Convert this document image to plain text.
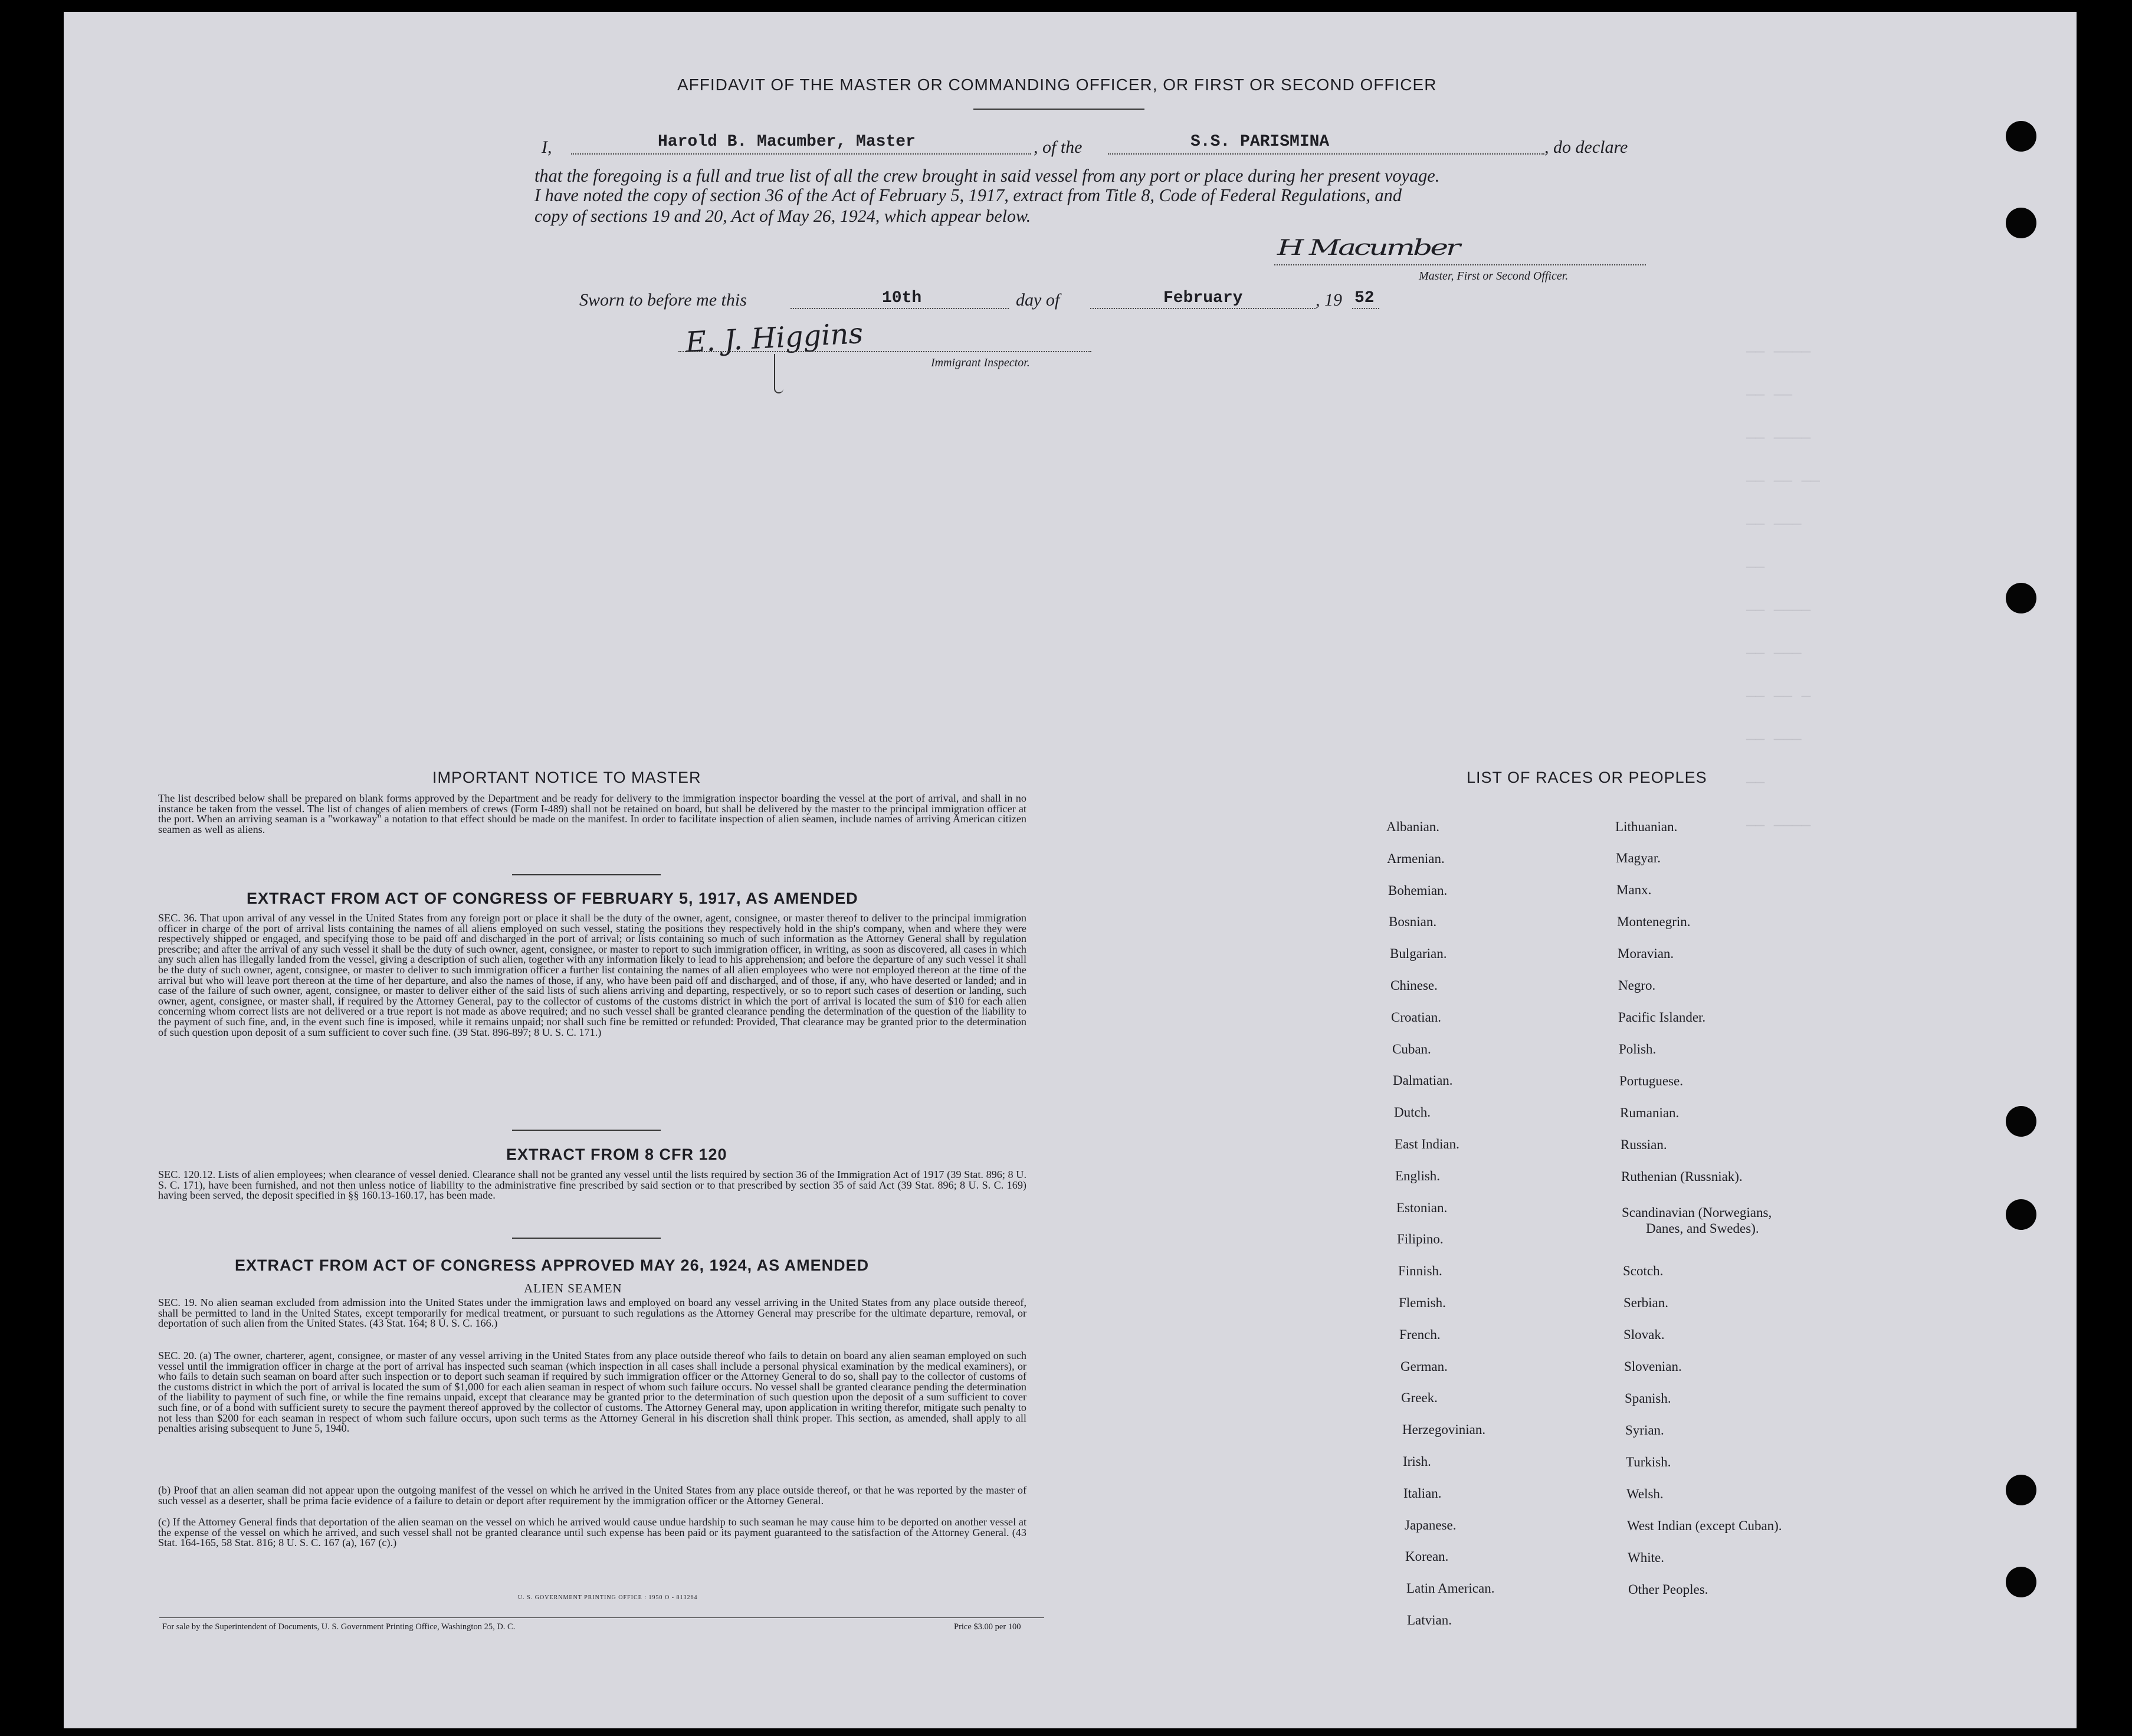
—— ————
—— ——
—— ————
—— —— ——
—— ———
——
—— ————
—— ———
—— —— —
—— ———
——
—— ————
AFFIDAVIT OF THE MASTER OR COMMANDING OFFICER, OR FIRST OR SECOND OFFICER
I,	Harold B. Macumber, Master	, of the	S.S. PARISMINA	, do declare
that the foregoing is a full and true list of all the crew brought in said vessel from any port or place during her present voyage.
I have noted the copy of section 36 of the Act of February 5, 1917, extract from Title 8, Code of Federal Regulations, and
copy of sections 19 and 20, Act of May 26, 1924, which appear below.
H Macumber
Master, First or Second Officer.
Sworn to before me this	10th	day of	February	, 19 52
E. J. Higgins
Immigrant Inspector.
IMPORTANT NOTICE TO MASTER
The list described below shall be prepared on blank forms approved by the Department and be ready for delivery to the immigration inspector boarding the vessel at the port of arrival, and shall in no instance be taken from the vessel. The list of changes of alien members of crews (Form I-489) shall not be retained on board, but shall be delivered by the master to the principal immigration officer at the port. When an arriving seaman is a "workaway" a notation to that effect should be made on the manifest. In order to facilitate inspection of alien seamen, include names of arriving American citizen seamen as well as aliens.
EXTRACT FROM ACT OF CONGRESS OF FEBRUARY 5, 1917, AS AMENDED
SEC. 36. That upon arrival of any vessel in the United States from any foreign port or place it shall be the duty of the owner, agent, consignee, or master thereof to deliver to the principal immigration officer in charge of the port of arrival lists containing the names of all aliens employed on such vessel, stating the positions they respectively hold in the ship's company, when and where they were respectively shipped or engaged, and specifying those to be paid off and discharged in the port of arrival; or lists containing so much of such information as the Attorney General shall by regulation prescribe; and after the arrival of any such vessel it shall be the duty of such owner, agent, consignee, or master to report to such immigration officer, in writing, as soon as discovered, all cases in which any such alien has illegally landed from the vessel, giving a description of such alien, together with any information likely to lead to his apprehension; and before the departure of any such vessel it shall be the duty of such owner, agent, consignee, or master to deliver to such immigration officer a further list containing the names of all alien employees who were not employed thereon at the time of the arrival but who will leave port thereon at the time of her departure, and also the names of those, if any, who have been paid off and discharged, and of those, if any, who have deserted or landed; and in case of the failure of such owner, agent, consignee, or master to deliver either of the said lists of such aliens arriving and departing, respectively, or so to report such cases of desertion or landing, such owner, agent, consignee, or master shall, if required by the Attorney General, pay to the collector of customs of the customs district in which the port of arrival is located the sum of $10 for each alien concerning whom correct lists are not delivered or a true report is not made as above required; and no such vessel shall be granted clearance pending the determination of the question of the liability to the payment of such fine, and, in the event such fine is imposed, while it remains unpaid; nor shall such fine be remitted or refunded: Provided, That clearance may be granted prior to the determination of such question upon deposit of a sum sufficient to cover such fine. (39 Stat. 896-897; 8 U. S. C. 171.)
EXTRACT FROM 8 CFR 120
SEC. 120.12. Lists of alien employees; when clearance of vessel denied. Clearance shall not be granted any vessel until the lists required by section 36 of the Immigration Act of 1917 (39 Stat. 896; 8 U. S. C. 171), have been furnished, and not then unless notice of liability to the administrative fine prescribed by said section or to that prescribed by section 35 of said Act (39 Stat. 896; 8 U. S. C. 169) having been served, the deposit specified in §§ 160.13-160.17, has been made.
EXTRACT FROM ACT OF CONGRESS APPROVED MAY 26, 1924, AS AMENDED
ALIEN SEAMEN
SEC. 19. No alien seaman excluded from admission into the United States under the immigration laws and employed on board any vessel arriving in the United States from any place outside thereof, shall be permitted to land in the United States, except temporarily for medical treatment, or pursuant to such regulations as the Attorney General may prescribe for the ultimate departure, removal, or deportation of such alien from the United States. (43 Stat. 164; 8 U. S. C. 166.)
SEC. 20. (a) The owner, charterer, agent, consignee, or master of any vessel arriving in the United States from any place outside thereof who fails to detain on board any alien seaman employed on such vessel until the immigration officer in charge at the port of arrival has inspected such seaman (which inspection in all cases shall include a personal physical examination by the medical examiners), or who fails to detain such seaman on board after such inspection or to deport such seaman if required by such immigration officer or the Attorney General to do so, shall pay to the collector of customs of the customs district in which the port of arrival is located the sum of $1,000 for each alien seaman in respect of whom such failure occurs. No vessel shall be granted clearance pending the determination of the liability to payment of such fine, or while the fine remains unpaid, except that clearance may be granted prior to the determination of such question upon the deposit of a sum sufficient to cover such fine, or of a bond with sufficient surety to secure the payment thereof approved by the collector of customs. The Attorney General may, upon application in writing therefor, mitigate such penalty to not less than $200 for each seaman in respect of whom such failure occurs, upon such terms as the Attorney General in his discretion shall think proper. This section, as amended, shall apply to all penalties arising subsequent to June 5, 1940.
(b) Proof that an alien seaman did not appear upon the outgoing manifest of the vessel on which he arrived in the United States from any place outside thereof, or that he was reported by the master of such vessel as a deserter, shall be prima facie evidence of a failure to detain or deport after requirement by the immigration officer or the Attorney General.
(c) If the Attorney General finds that deportation of the alien seaman on the vessel on which he arrived would cause undue hardship to such seaman he may cause him to be deported on another vessel at the expense of the vessel on which he arrived, and such vessel shall not be granted clearance until such expense has been paid or its payment guaranteed to the satisfaction of the Attorney General. (43 Stat. 164-165, 58 Stat. 816; 8 U. S. C. 167 (a), 167 (c).)
U. S. GOVERNMENT PRINTING OFFICE : 1950 O - 813264
For sale by the Superintendent of Documents, U. S. Government Printing Office, Washington 25, D. C.	Price $3.00 per 100
LIST OF RACES OR PEOPLES
Albanian.
Armenian.
Bohemian.
Bosnian.
Bulgarian.
Chinese.
Croatian.
Cuban.
Dalmatian.
Dutch.
East Indian.
English.
Estonian.
Filipino.
Finnish.
Flemish.
French.
German.
Greek.
Herzegovinian.
Irish.
Italian.
Japanese.
Korean.
Latin American.
Latvian.
Lithuanian.
Magyar.
Manx.
Montenegrin.
Moravian.
Negro.
Pacific Islander.
Polish.
Portuguese.
Rumanian.
Russian.
Ruthenian (Russniak).
Scandinavian (Norwegians,
Danes, and Swedes).
Scotch.
Serbian.
Slovak.
Slovenian.
Spanish.
Syrian.
Turkish.
Welsh.
West Indian (except Cuban).
White.
Other Peoples.
